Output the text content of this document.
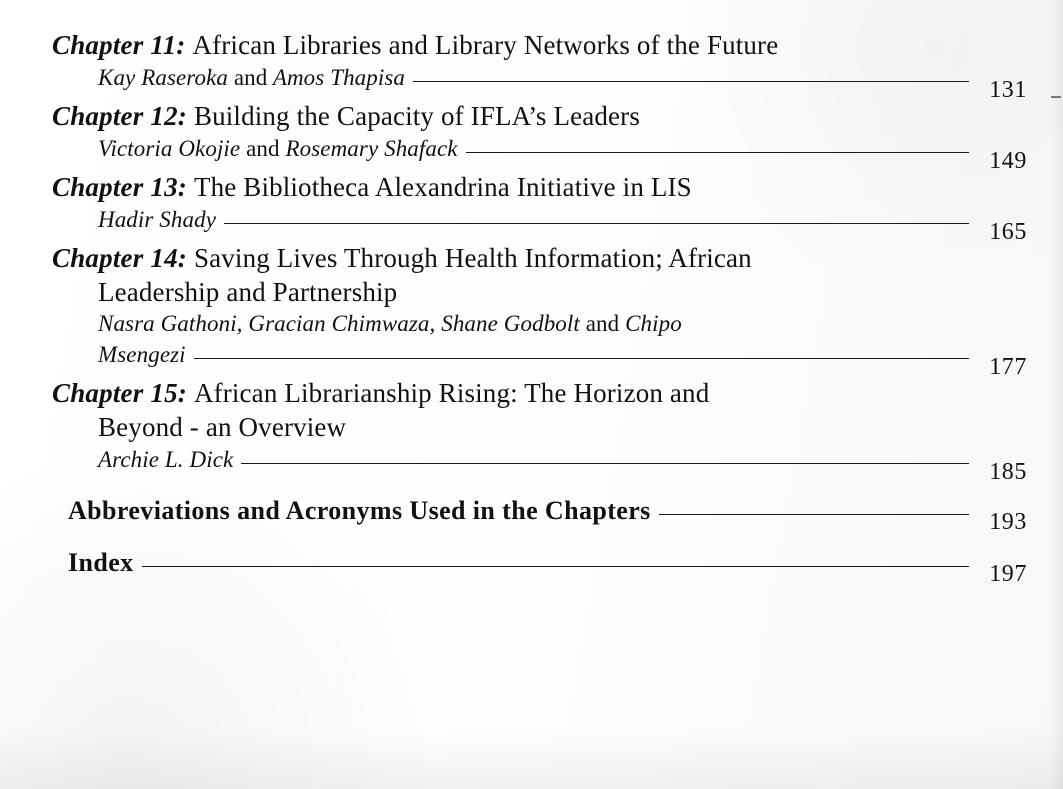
Chapter 11: African Libraries and Library Networks of the Future
Kay Raseroka and Amos Thapisa	131
Chapter 12: Building the Capacity of IFLA’s Leaders
Victoria Okojie and Rosemary Shafack	149
Chapter 13: The Bibliotheca Alexandrina Initiative in LIS
Hadir Shady	165
Chapter 14: Saving Lives Through Health Information; African
Leadership and Partnership
Nasra Gathoni, Gracian Chimwaza, Shane Godbolt and Chipo
Msengezi	177
Chapter 15: African Librarianship Rising: The Horizon and
Beyond - an Overview
Archie L. Dick	185
Abbreviations and Acronyms Used in the Chapters	193
Index	197
